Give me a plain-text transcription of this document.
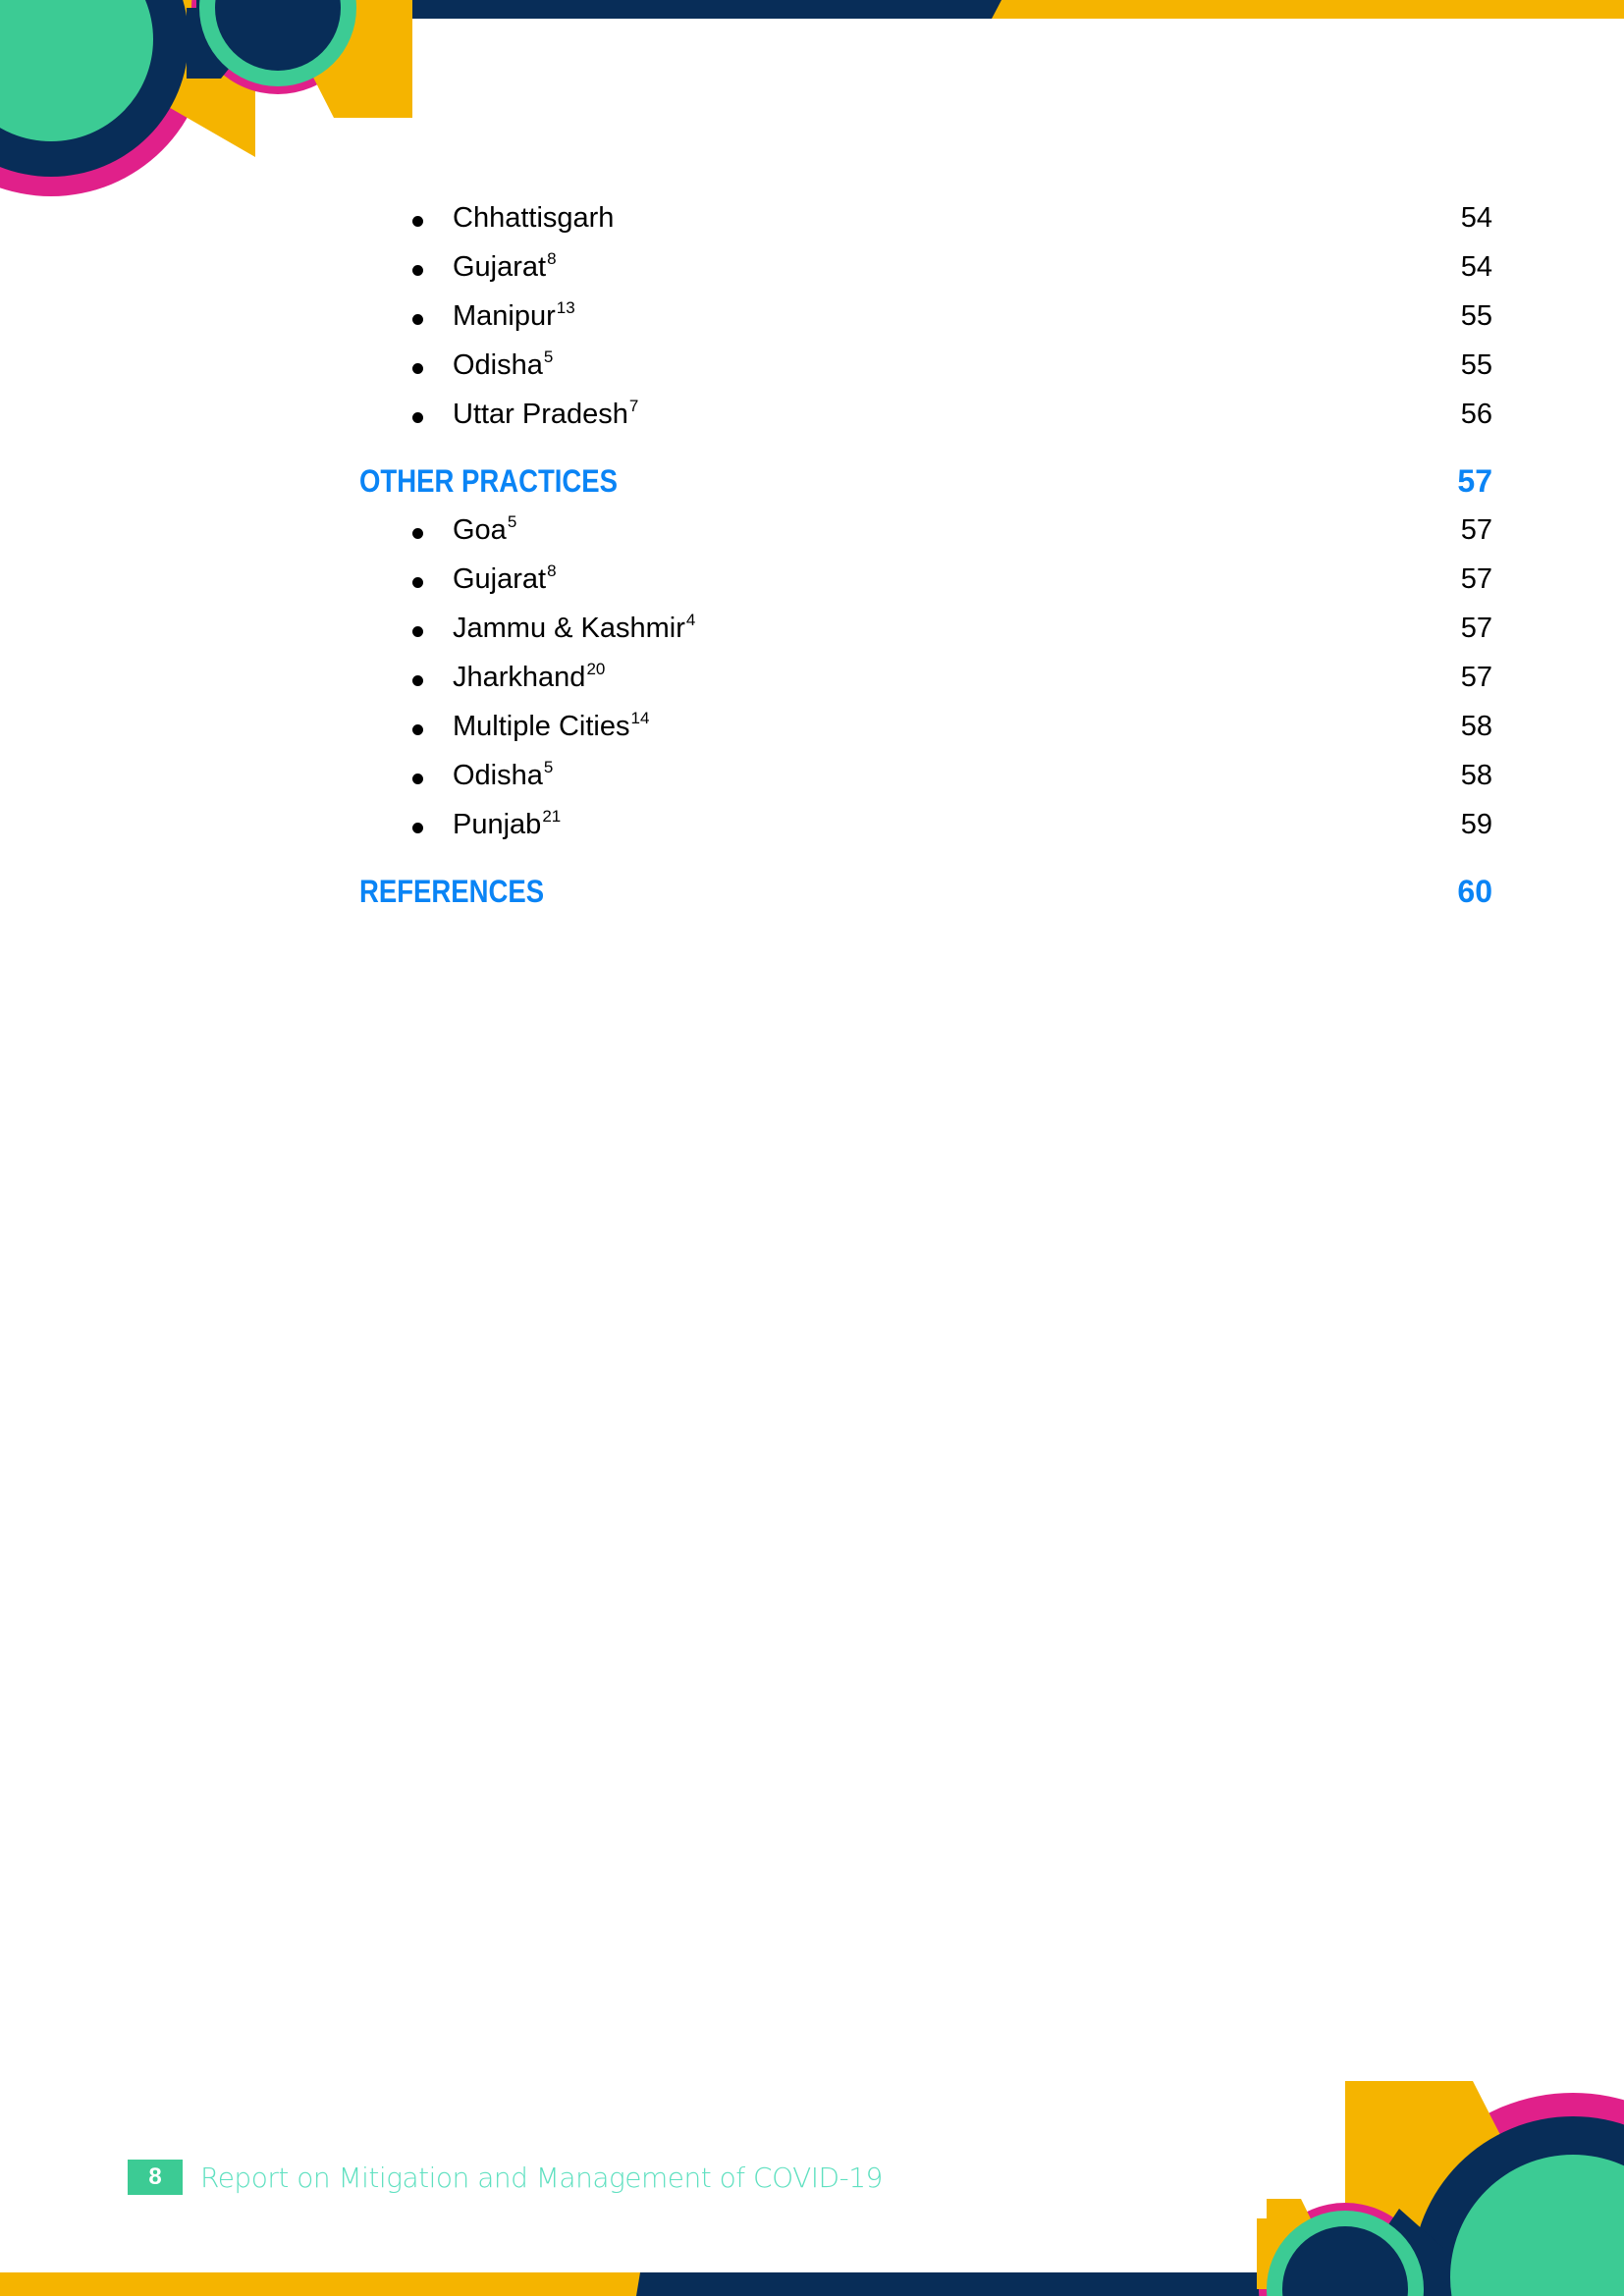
Chhattisgarh	54
Gujarat$^8$	54
Manipur$^{13}$	55
Odisha$^5$	55
Uttar Pradesh$^7$	56
OTHER PRACTICES	57
Goa$^5$	57
Gujarat$^8$	57
Jammu & Kashmir$^4$	57
Jharkhand$^{20}$	57
Multiple Cities$^{14}$	58
Odisha$^5$	58
Punjab$^{21}$	59
REFERENCES	60
8	Report on Mitigation and Management of COVID-19
